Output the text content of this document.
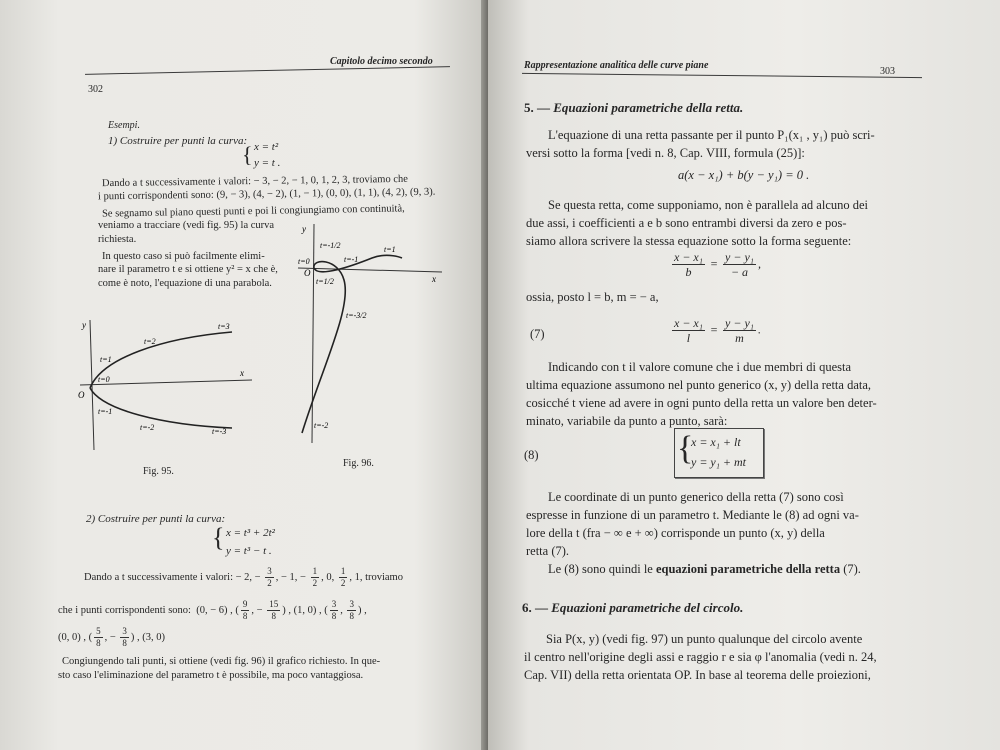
Capitolo decimo secondo
302
Esempi.
1) Costruire per punti la curva:
{ x = t²
y = t .
Dando a t successivamente i valori: − 3, − 2, − 1, 0, 1, 2, 3, troviamo che
i punti corrispondenti sono: (9, − 3), (4, − 2), (1, − 1), (0, 0), (1, 1), (4, 2), (9, 3).
Se segnamo sul piano questi punti e poi li congiungiamo con continuità,
veniamo a tracciare (vedi fig. 95) la curva
richiesta.
In questo caso si può facilmente elimi-
nare il parametro t e si ottiene y² = x che è,
come è noto, l'equazione di una parabola.
t=3
t=2
t=1
t=0
t=-1
t=-2	t=-3
x
y
O
Fig. 95.
t=-1/2	t=1
t=0	t=-1
t=1/2
t=-3/2
t=-2
x
y
O
Fig. 96.
2) Costruire per punti la curva:
{ x = t³ + 2t²
y = t³ − t .
Dando a t successivamente i valori: − 2, − $\frac{3}{2}$ , − 1, − $\frac{1}{2}$ , 0, $\frac{1}{2}$ , 1, troviamo
che i punti corrispondenti sono:  (0, − 6) , ( $\frac{9}{8}$ , − $\frac{15}{8}$ ) , (1, 0) , ( $\frac{3}{8}$ , $\frac{3}{8}$ ) ,
(0, 0) , ( $\frac{5}{8}$ , − $\frac{3}{8}$ ) , (3, 0)
Congiungendo tali punti, si ottiene (vedi fig. 96) il grafico richiesto. In que-
sto caso l'eliminazione del parametro t è possibile, ma poco vantaggiosa.
Rappresentazione analitica delle curve piane
303
5. — Equazioni parametriche della retta.
L'equazione di una retta passante per il punto P₁(x₁ , y₁) può scri-
versi sotto la forma [vedi n. 8, Cap. VIII, formula (25)]:
a(x − x₁) + b(y − y₁) = 0 .
Se questa retta, come supponiamo, non è parallela ad alcuno dei
due assi, i coefficienti a e b sono entrambi diversi da zero e pos-
siamo allora scrivere la stessa equazione sotto la forma seguente:
$\frac{\text{x − x₁}}{b} = \frac{\text{y − y₁}}{- a}$ ,
ossia, posto l = b, m = − a,
(7)	$\frac{\text{x − x₁}}{l} = \frac{\text{y − y₁}}{m}$ .
Indicando con t il valore comune che i due membri di questa
ultima equazione assumono nel punto generico (x, y) della retta data,
cosicché t viene ad avere in ogni punto della retta un valore ben deter-
minato, variabile da punto a punto, sarà:
(8)	{
x = x₁ + lt
y = y₁ + mt
Le coordinate di un punto generico della retta (7) sono così
espresse in funzione di un parametro t. Mediante le (8) ad ogni va-
lore della t (fra − ∞ e + ∞) corrisponde un punto (x, y) della
retta (7).
Le (8) sono quindi le equazioni parametriche della retta (7).
6. — Equazioni parametriche del circolo.
Sia P(x, y) (vedi fig. 97) un punto qualunque del circolo avente
il centro nell'origine degli assi e raggio r e sia φ l'anomalia (vedi n. 24,
Cap. VII) della retta orientata OP. In base al teorema delle proiezioni,
